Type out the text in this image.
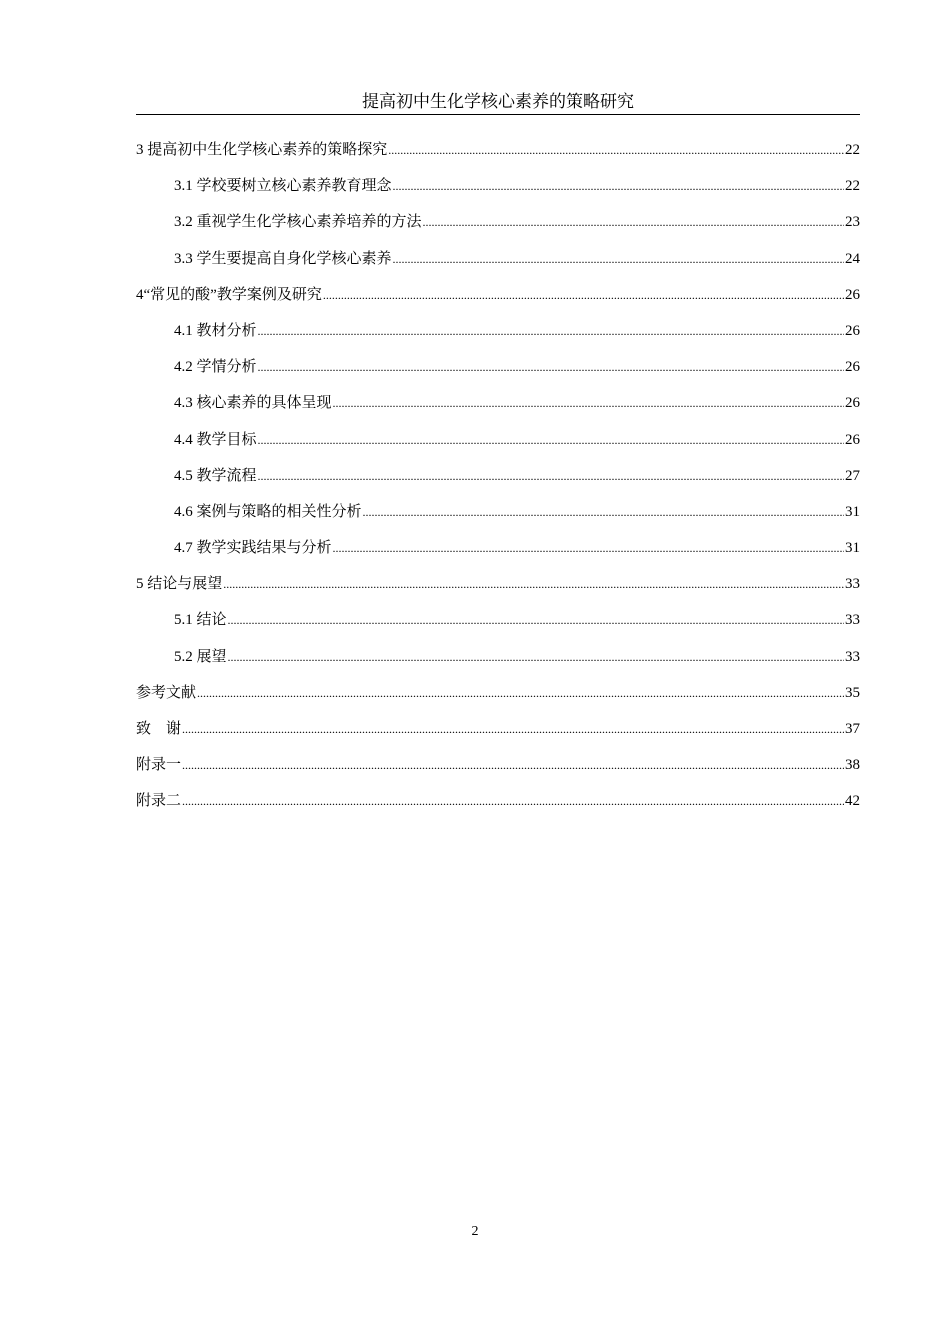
提高初中生化学核心素养的策略研究
3 提高初中生化学核心素养的策略探究 .....	22
3.1 学校要树立核心素养教育理念 .....	22
3.2 重视学生化学核心素养培养的方法 .....	23
3.3 学生要提高自身化学核心素养 .....	24
4“常见的酸”教学案例及研究 .....	26
4.1 教材分析 .....	26
4.2 学情分析 .....	26
4.3 核心素养的具体呈现 .....	26
4.4 教学目标 .....	26
4.5 教学流程 .....	27
4.6 案例与策略的相关性分析 .....	31
4.7 教学实践结果与分析 .....	31
5 结论与展望 .....	33
5.1 结论 .....	33
5.2 展望 .....	33
参考文献 .....	35
致　谢 .....	37
附录一 .....	38
附录二 .....	42
2
